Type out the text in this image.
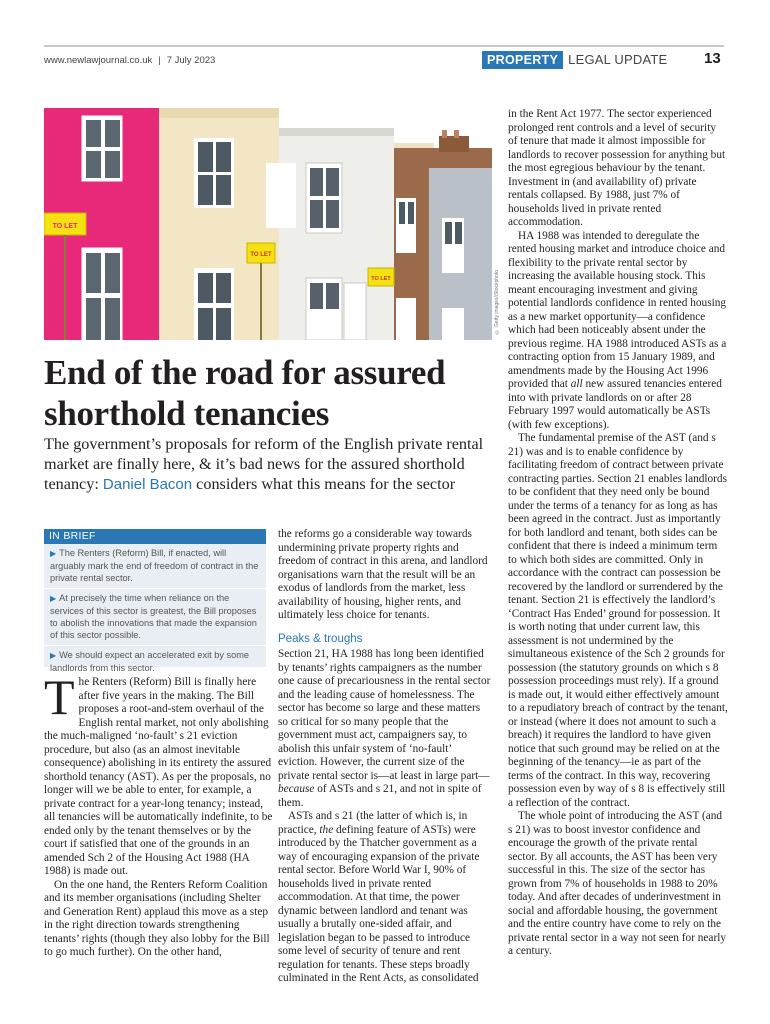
www.newlawjournal.co.uk | 7 July 2023	PROPERTY LEGAL UPDATE 13
TO LET
TO LET
TO LET	© Getty images/iStockphoto
End of the road for assured
shorthold tenancies
The government’s proposals for reform of the English private rental market are finally here, & it’s bad news for the assured shorthold tenancy: Daniel Bacon considers what this means for the sector
IN BRIEF
▶ The Renters (Reform) Bill, if enacted, will arguably mark the end of freedom of contract in the private rental sector.
▶ At precisely the time when reliance on the services of this sector is greatest, the Bill proposes to abolish the innovations that made the expansion of this sector possible.
▶ We should expect an accelerated exit by some landlords from this sector.

The Renters (Reform) Bill is finally here after five years in the making. The Bill proposes a root-and-stem overhaul of the English rental market, not only abolishing the much-maligned ‘no-fault’ s 21 eviction procedure, but also (as an almost inevitable consequence) abolishing in its entirety the assured shorthold tenancy (AST). As per the proposals, no longer will we be able to enter, for example, a private contract for a year-long tenancy; instead, all tenancies will be automatically indefinite, to be ended only by the tenant themselves or by the court if satisfied that one of the grounds in an amended Sch 2 of the Housing Act 1988 (HA 1988) is made out.

On the one hand, the Renters Reform Coalition and its member organisations (including Shelter and Generation Rent) applaud this move as a step in the right direction towards strengthening tenants’ rights (though they also lobby for the Bill to go much further). On the other hand,

the reforms go a considerable way towards undermining private property rights and freedom of contract in this arena, and landlord organisations warn that the result will be an exodus of landlords from the market, less availability of housing, higher rents, and ultimately less choice for tenants.

Peaks & troughs

Section 21, HA 1988 has long been identified by tenants’ rights campaigners as the number one cause of precariousness in the rental sector and the leading cause of homelessness. The sector has become so large and these matters so critical for so many people that the government must act, campaigners say, to abolish this unfair system of ‘no-fault’ eviction. However, the current size of the private rental sector is—at least in large part—because of ASTs and s 21, and not in spite of them.

ASTs and s 21 (the latter of which is, in practice, the defining feature of ASTs) were introduced by the Thatcher government as a way of encouraging expansion of the private rental sector. Before World War I, 90% of households lived in private rented accommodation. At that time, the power dynamic between landlord and tenant was usually a brutally one-sided affair, and legislation began to be passed to introduce some level of security of tenure and rent regulation for tenants. These steps broadly culminated in the Rent Acts, as consolidated

in the Rent Act 1977. The sector experienced prolonged rent controls and a level of security of tenure that made it almost impossible for landlords to recover possession for anything but the most egregious behaviour by the tenant. Investment in (and availability of) private rentals collapsed. By 1988, just 7% of households lived in private rented accommodation.

HA 1988 was intended to deregulate the rented housing market and introduce choice and flexibility to the private rental sector by increasing the available housing stock. This meant encouraging investment and giving potential landlords confidence in rented housing as a new market opportunity—a confidence which had been noticeably absent under the previous regime. HA 1988 introduced ASTs as a contracting option from 15 January 1989, and amendments made by the Housing Act 1996 provided that all new assured tenancies entered into with private landlords on or after 28 February 1997 would automatically be ASTs (with few exceptions).

The fundamental premise of the AST (and s 21) was and is to enable confidence by facilitating freedom of contract between private contracting parties. Section 21 enables landlords to be confident that they need only be bound under the terms of a tenancy for as long as has been agreed in the contract. Just as importantly for both landlord and tenant, both sides can be confident that there is indeed a minimum term to which both sides are committed. Only in accordance with the contract can possession be recovered by the landlord or surrendered by the tenant. Section 21 is effectively the landlord’s ‘Contract Has Ended’ ground for possession. It is worth noting that under current law, this assessment is not undermined by the simultaneous existence of the Sch 2 grounds for possession (the statutory grounds on which s 8 possession proceedings must rely). If a ground is made out, it would either effectively amount to a repudiatory breach of contract by the tenant, or instead (where it does not amount to such a breach) it requires the landlord to have given notice that such ground may be relied on at the beginning of the tenancy—ie as part of the terms of the contract. In this way, recovering possession even by way of s 8 is effectively still a reflection of the contract.

The whole point of introducing the AST (and s 21) was to boost investor confidence and encourage the growth of the private rental sector. By all accounts, the AST has been very successful in this. The size of the sector has grown from 7% of households in 1988 to 20% today. And after decades of underinvestment in social and affordable housing, the government and the entire country have come to rely on the private rental sector in a way not seen for nearly a century.
